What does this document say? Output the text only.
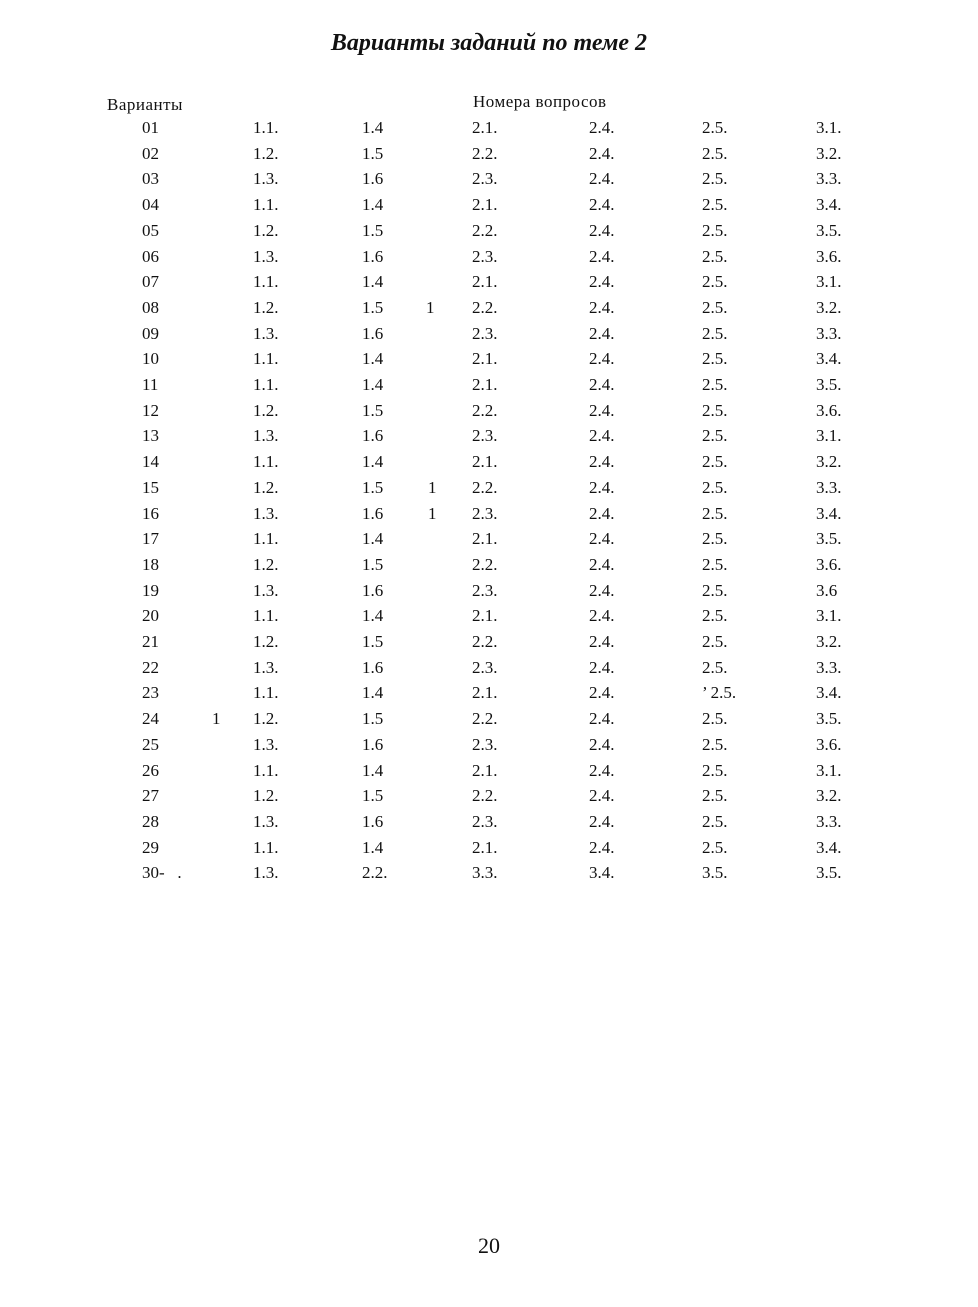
Варианты заданий по теме 2
Варианты	Номера вопросов
01	1.1.	1.4	2.1.	2.4.	2.5.	3.1.
02	1.2.	1.5	2.2.	2.4.	2.5.	3.2.
03	1.3.	1.6	2.3.	2.4.	2.5.	3.3.
04	1.1.	1.4	2.1.	2.4.	2.5.	3.4.
05	1.2.	1.5	2.2.	2.4.	2.5.	3.5.
06	1.3.	1.6	2.3.	2.4.	2.5.	3.6.
07	1.1.	1.4	2.1.	2.4.	2.5.	3.1.
08	1.2.	1.5	2.2.	2.4.	2.5.	3.2.
1
09	1.3.	1.6	2.3.	2.4.	2.5.	3.3.
10	1.1.	1.4	2.1.	2.4.	2.5.	3.4.
11	1.1.	1.4	2.1.	2.4.	2.5.	3.5.
12	1.2.	1.5	2.2.	2.4.	2.5.	3.6.
13	1.3.	1.6	2.3.	2.4.	2.5.	3.1.
14	1.1.	1.4	2.1.	2.4.	2.5.	3.2.
15	1.2.	1.5	2.2.	2.4.	2.5.	3.3.
1
16	1.3.	1.6	2.3.	2.4.	2.5.	3.4.
1
17	1.1.	1.4	2.1.	2.4.	2.5.	3.5.
18	1.2.	1.5	2.2.	2.4.	2.5.	3.6.
19	1.3.	1.6	2.3.	2.4.	2.5.	3.6
20	1.1.	1.4	2.1.	2.4.	2.5.	3.1.
21	1.2.	1.5	2.2.	2.4.	2.5.	3.2.
22	1.3.	1.6	2.3.	2.4.	2.5.	3.3.
23	1.1.	1.4	2.1.	2.4.	’ 2.5.	3.4.
24	1.2.	1.5	2.2.	2.4.	2.5.	3.5.
1
25	1.3.	1.6	2.3.	2.4.	2.5.	3.6.
26	1.1.	1.4	2.1.	2.4.	2.5.	3.1.
27	1.2.	1.5	2.2.	2.4.	2.5.	3.2.
28	1.3.	1.6	2.3.	2.4.	2.5.	3.3.
29	1.1.	1.4	2.1.	2.4.	2.5.	3.4.
30-   .	1.3.	2.2.	3.3.	3.4.	3.5.	3.5.
20
